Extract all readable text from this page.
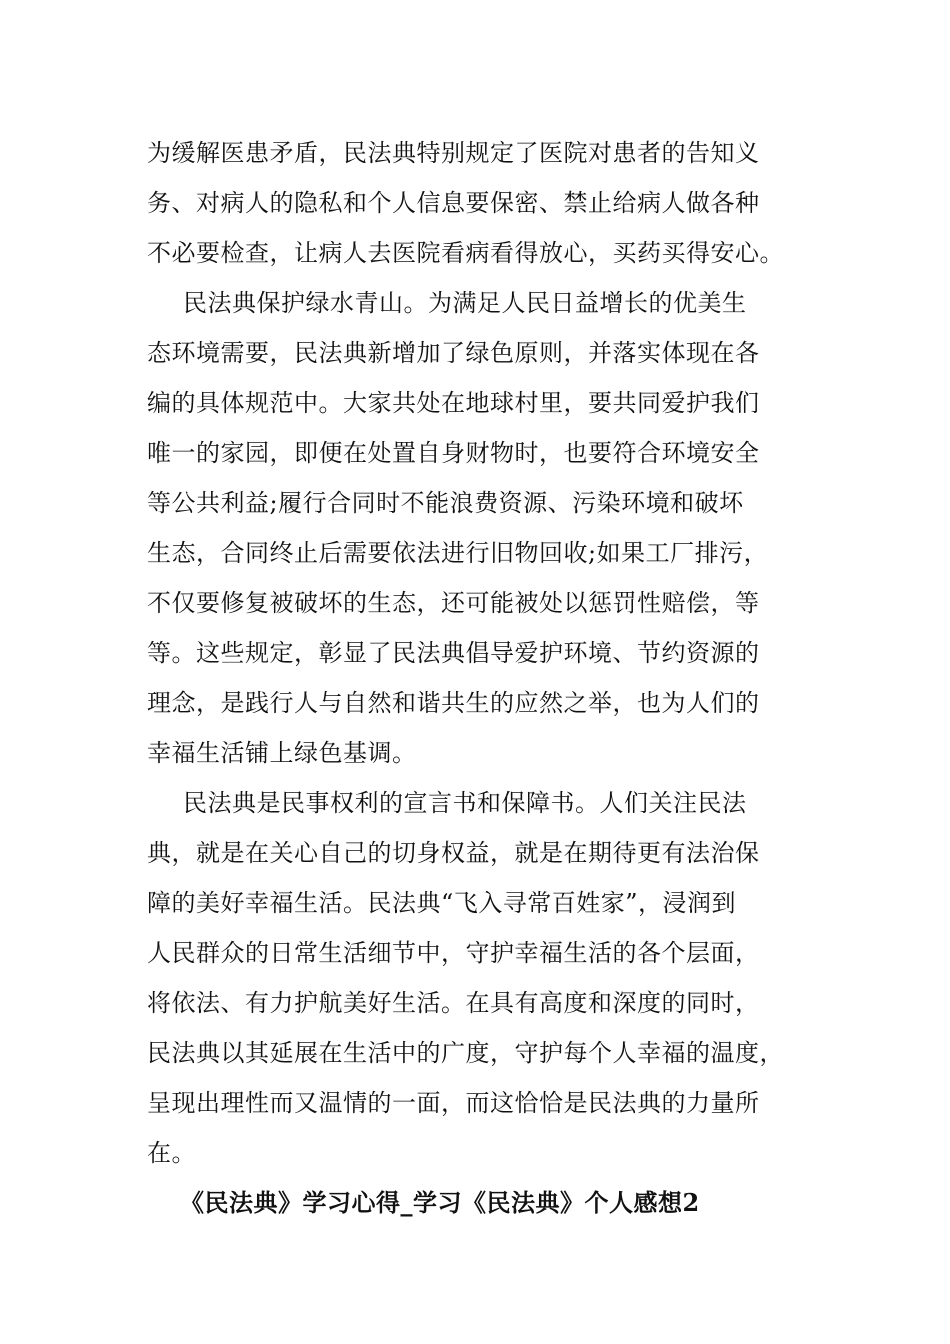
为缓解医患矛盾，民法典特别规定了医院对患者的告知义
务、对病人的隐私和个人信息要保密、禁止给病人做各种
不必要检查，让病人去医院看病看得放心，买药买得安心。
民法典保护绿水青山。为满足人民日益增长的优美生
态环境需要，民法典新增加了绿色原则，并落实体现在各
编的具体规范中。大家共处在地球村里，要共同爱护我们
唯一的家园，即便在处置自身财物时，也要符合环境安全
等公共利益;履行合同时不能浪费资源、污染环境和破坏
生态，合同终止后需要依法进行旧物回收;如果工厂排污，
不仅要修复被破坏的生态，还可能被处以惩罚性赔偿，等
等。这些规定，彰显了民法典倡导爱护环境、节约资源的
理念，是践行人与自然和谐共生的应然之举，也为人们的
幸福生活铺上绿色基调。
民法典是民事权利的宣言书和保障书。人们关注民法
典，就是在关心自己的切身权益，就是在期待更有法治保
障的美好幸福生活。民法典“飞入寻常百姓家”，浸润到
人民群众的日常生活细节中，守护幸福生活的各个层面，
将依法、有力护航美好生活。在具有高度和深度的同时，
民法典以其延展在生活中的广度，守护每个人幸福的温度，
呈现出理性而又温情的一面，而这恰恰是民法典的力量所
在。
《民法典》学习心得_学习《民法典》个人感想2
